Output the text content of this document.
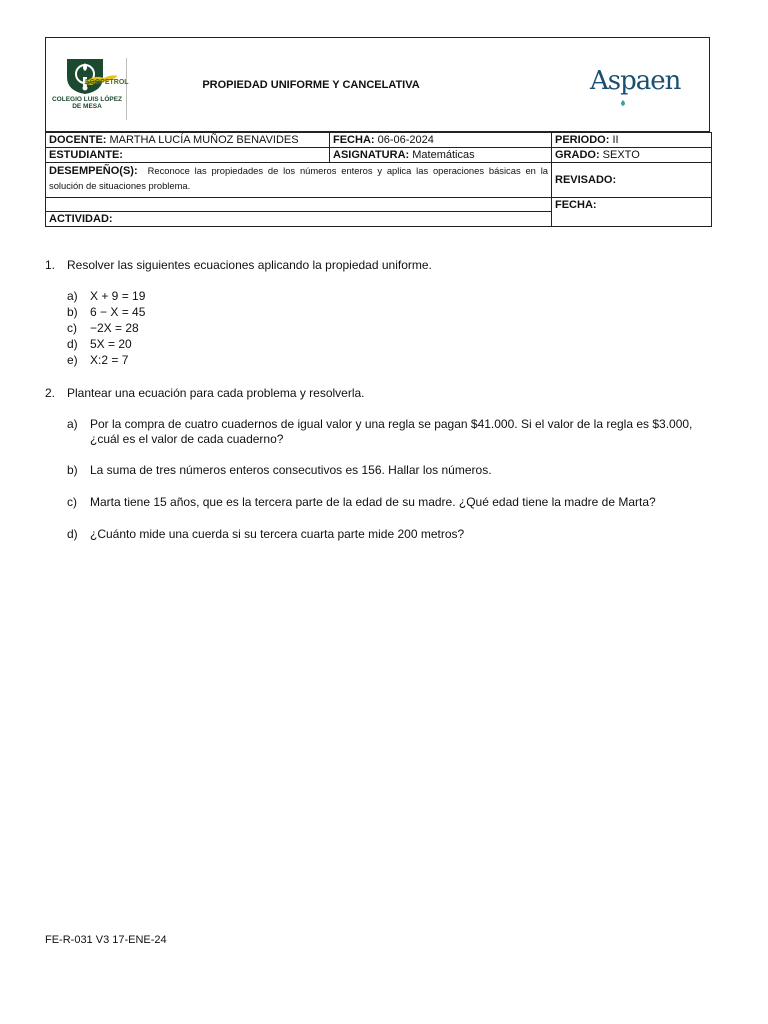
COLEGIO LUIS LÓPEZ DE MESA
ECOPETROL	PROPIEDAD UNIFORME Y CANCELATIVA	Aspaen
DOCENTE: MARTHA LUCÍA MUÑOZ BENAVIDES	FECHA: 06-06-2024	PERIODO: II
ESTUDIANTE:	ASIGNATURA: Matemáticas	GRADO: SEXTO
DESEMPEÑO(S): Reconoce las propiedades de los números enteros y aplica las operaciones básicas en la solución de situaciones problema.		REVISADO:
		FECHA:
ACTIVIDAD:		
1. Resolver las siguientes ecuaciones aplicando la propiedad uniforme.
a) X + 9 = 19
b) 6 − X = 45
c) −2X = 28
d) 5X = 20
e) X:2 = 7
2. Plantear una ecuación para cada problema y resolverla.
a) Por la compra de cuatro cuadernos de igual valor y una regla se pagan $41.000. Si el valor de la regla es $3.000, ¿cuál es el valor de cada cuaderno?
b) La suma de tres números enteros consecutivos es 156. Hallar los números.
c) Marta tiene 15 años, que es la tercera parte de la edad de su madre. ¿Qué edad tiene la madre de Marta?
d) ¿Cuánto mide una cuerda si su tercera cuarta parte mide 200 metros?
FE-R-031 V3 17-ENE-24
